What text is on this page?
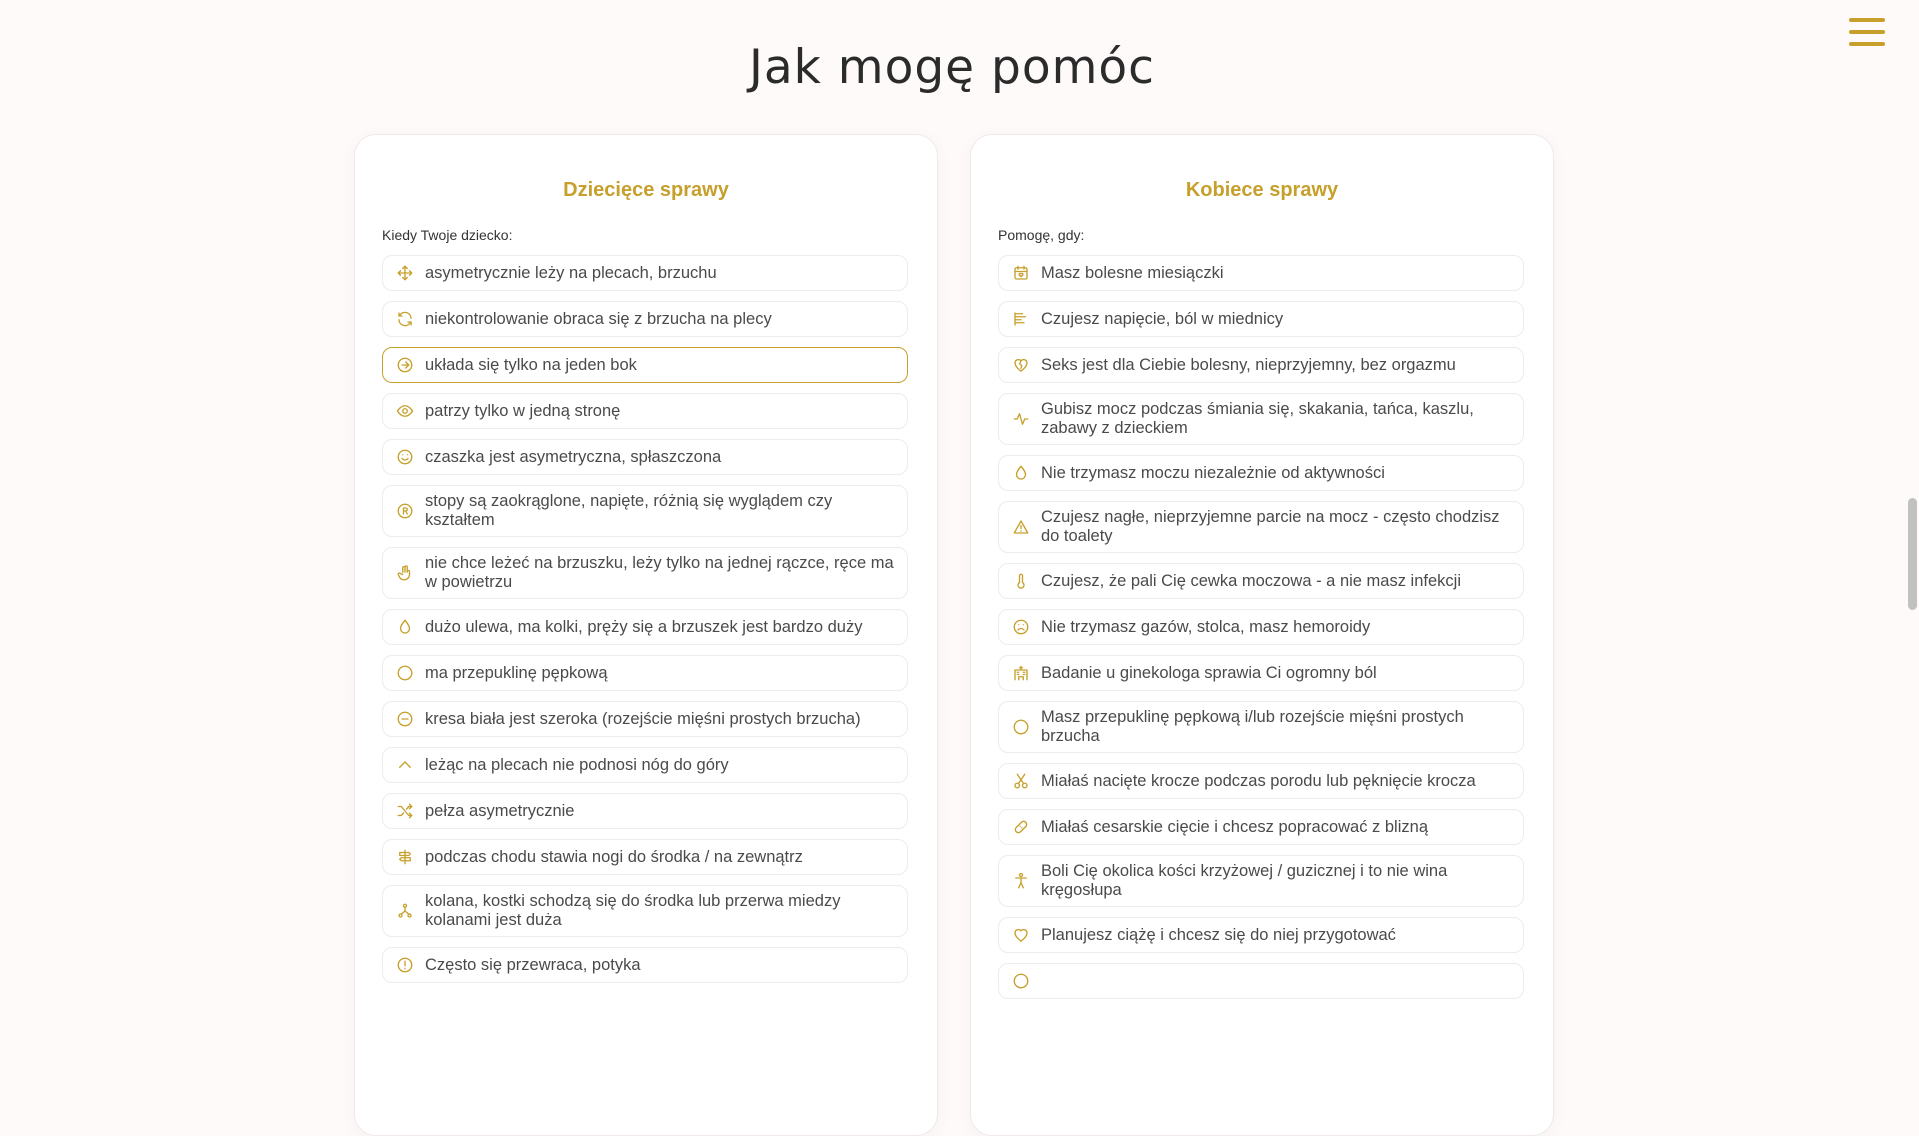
Jak mogę pomóc
Dziecięce sprawy
Kiedy Twoje dziecko:
asymetrycznie leży na plecach, brzuchu
niekontrolowanie obraca się z brzucha na plecy
układa się tylko na jeden bok
patrzy tylko w jedną stronę
czaszka jest asymetryczna, spłaszczona
stopy są zaokrąglone, napięte, różnią się wyglądem czy kształtem
nie chce leżeć na brzuszku, leży tylko na jednej rączce, ręce ma w powietrzu
dużo ulewa, ma kolki, pręży się a brzuszek jest bardzo duży
ma przepuklinę pępkową
kresa biała jest szeroka (rozejście mięśni prostych brzucha)
leżąc na plecach nie podnosi nóg do góry
pełza asymetrycznie
podczas chodu stawia nogi do środka / na zewnątrz
kolana, kostki schodzą się do środka lub przerwa miedzy kolanami jest duża
Często się przewraca, potyka
Kobiece sprawy
Pomogę, gdy:
Masz bolesne miesiączki
Czujesz napięcie, ból w miednicy
Seks jest dla Ciebie bolesny, nieprzyjemny, bez orgazmu
Gubisz mocz podczas śmiania się, skakania, tańca, kaszlu, zabawy z dzieckiem
Nie trzymasz moczu niezależnie od aktywności
Czujesz nagłe, nieprzyjemne parcie na mocz - często chodzisz do toalety
Czujesz, że pali Cię cewka moczowa - a nie masz infekcji
Nie trzymasz gazów, stolca, masz hemoroidy
Badanie u ginekologa sprawia Ci ogromny ból
Masz przepuklinę pępkową i/lub rozejście mięśni prostych brzucha
Miałaś nacięte krocze podczas porodu lub pęknięcie krocza
Miałaś cesarskie cięcie i chcesz popracować z blizną
Boli Cię okolica kości krzyżowej / guzicznej i to nie wina kręgosłupa
Planujesz ciążę i chcesz się do niej przygotować
